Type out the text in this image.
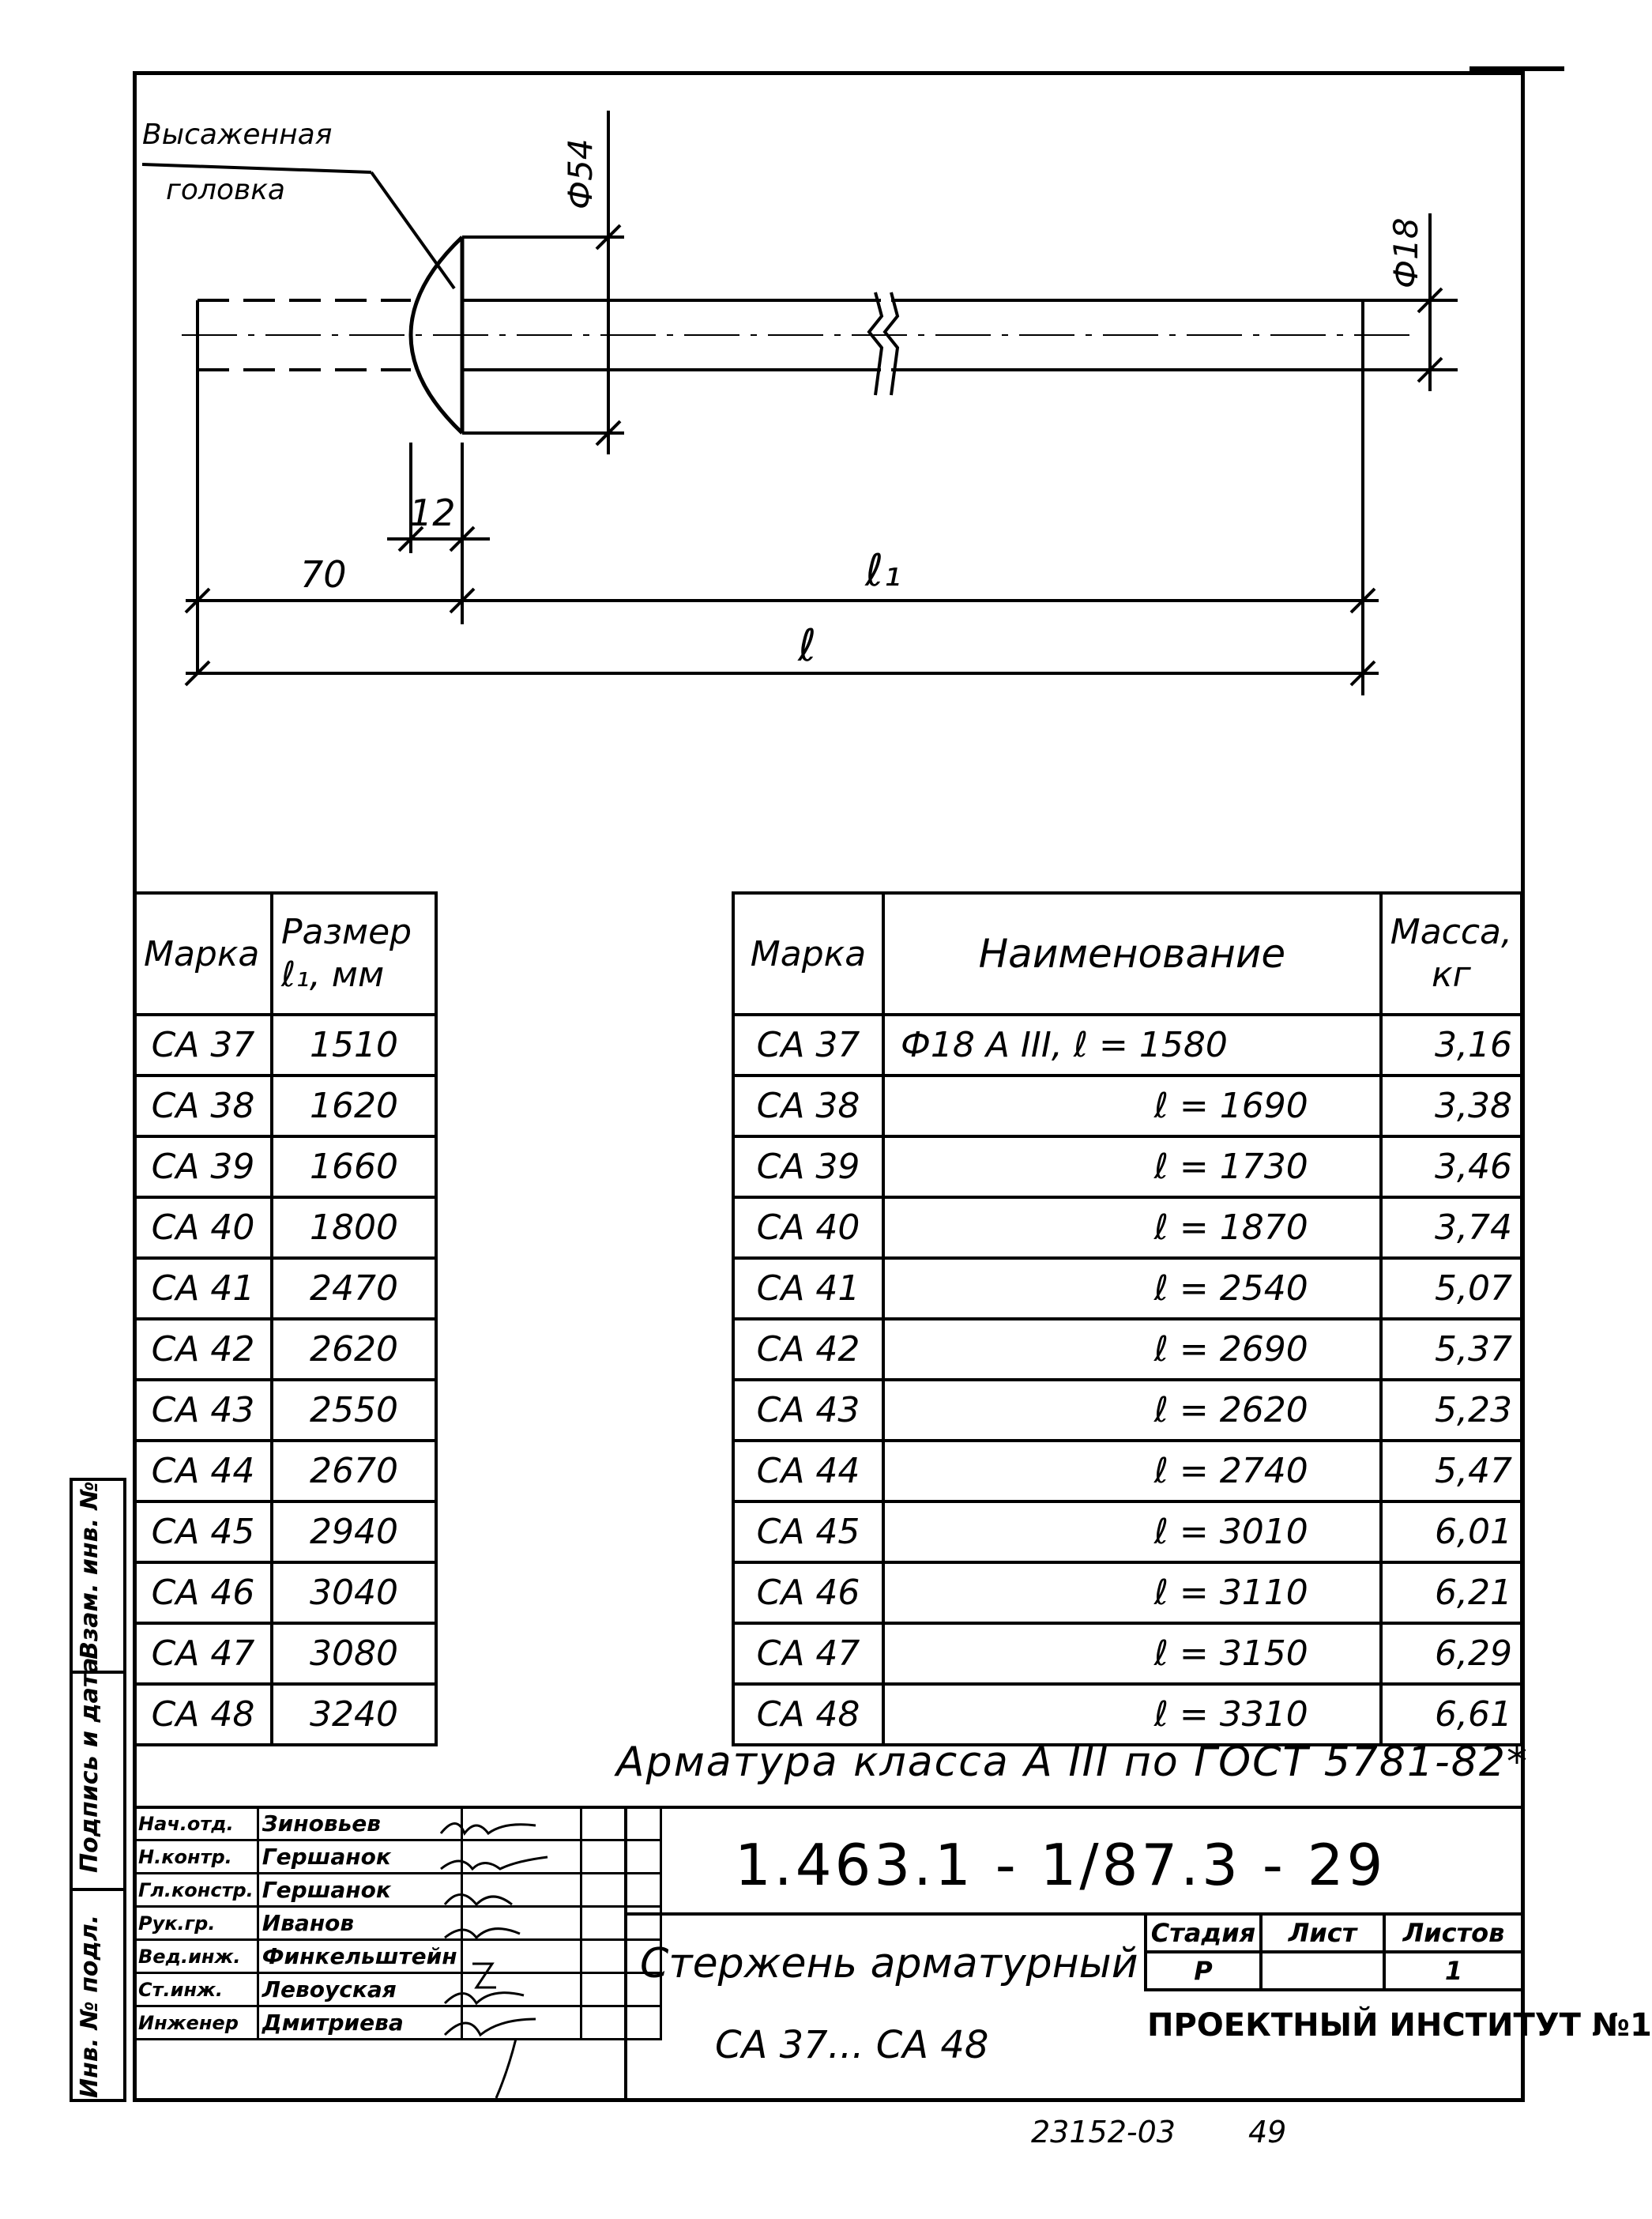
Высаженная
головка	Ф54
Ф18
12
70	ℓ₁
ℓ
Марка	Размер ℓ₁, мм
СА 37	1510
СА 38	1620
СА 39	1660
СА 40	1800
СА 41	2470
СА 42	2620
СА 43	2550
СА 44	2670
СА 45	2940
СА 46	3040
СА 47	3080
СА 48	3240
Марка	Наименование	Масса, кг
СА 37	Ф18 А III, ℓ = 1580	3,16
СА 38	ℓ = 1690	3,38
СА 39	ℓ = 1730	3,46
СА 40	ℓ = 1870	3,74
СА 41	ℓ = 2540	5,07
СА 42	ℓ = 2690	5,37
СА 43	ℓ = 2620	5,23
СА 44	ℓ = 2740	5,47
СА 45	ℓ = 3010	6,01
СА 46	ℓ = 3110	6,21
СА 47	ℓ = 3150	6,29
СА 48	ℓ = 3310	6,61
Арматура класса А III по ГОСТ 5781-82*
Нач.отд.	Зиновьев		
Н.контр.	Гершанок		
Гл.констр.	Гершанок		
Рук.гр.	Иванов		
Вед.инж.	Финкельштейн		
Ст.инж.	Левоуская		
Инженер	Дмитриева		
1.463.1 - 1/87.3 - 29
Стержень арматурный
СА 37... СА 48
Стадия	Лист	Листов
Р		1
ПРОЕКТНЫЙ ИНСТИТУТ №1
Инв. № подл.
Подпись и дата
Взам. инв. №
23152-03 49
